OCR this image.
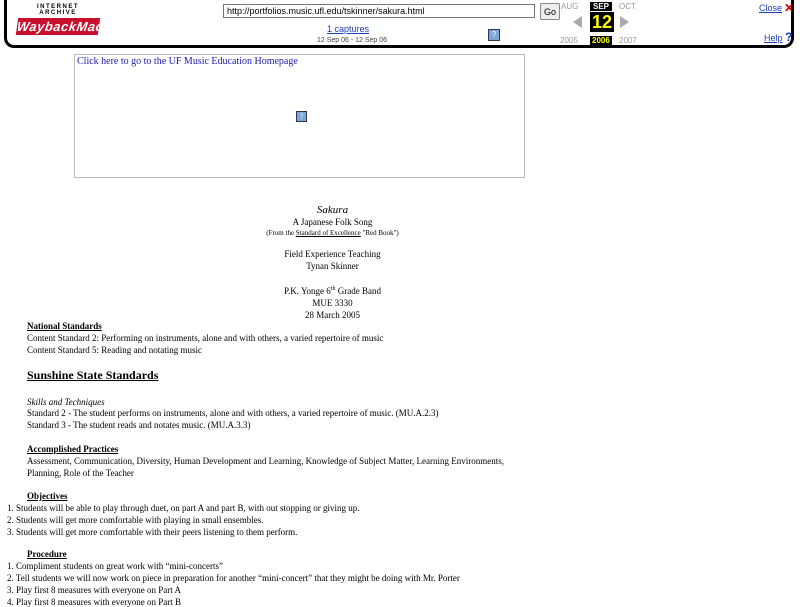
INTERNET ARCHIVE
WaybackMachine
http://portfolios.music.ufl.edu/tskinner/sakura.html	Go
1 captures
12 Sep 06 - 12 Sep 06
?
AUG	SEP	OCT
12
2005 2006 2007
Close ✕
Help ?
Click here to go to the UF Music Education Homepage
?
Sakura
A Japanese Folk Song
(From the Standard of Excellence "Red Book")
Field Experience Teaching
Tynan Skinner
P.K. Yonge 6th Grade Band
MUE 3330
28 March 2005
National Standards
Content Standard 2: Performing on instruments, alone and with others, a varied repertoire of music
Content Standard 5: Reading and notating music
Sunshine State Standards
Skills and Techniques
Standard 2 - The student performs on instruments, alone and with others, a varied repertoire of music. (MU.A.2.3)
Standard 3 - The student reads and notates music. (MU.A.3.3)
Accomplished Practices
Assessment, Communication, Diversity, Human Development and Learning, Knowledge of Subject Matter, Learning Environments,
Planning, Role of the Teacher
Objectives
1. Students will be able to play through duet, on part A and part B, with out stopping or giving up.
2. Students will get more comfortable with playing in small ensembles.
3. Students will get more comfortable with their peers listening to them perform.
Procedure
1. Compliment students on great work with “mini-concerts”
2. Tell students we will now work on piece in preparation for another “mini-concert” that they might be doing with Mr. Porter
3. Play first 8 measures with everyone on Part A
4. Play first 8 measures with everyone on Part B
